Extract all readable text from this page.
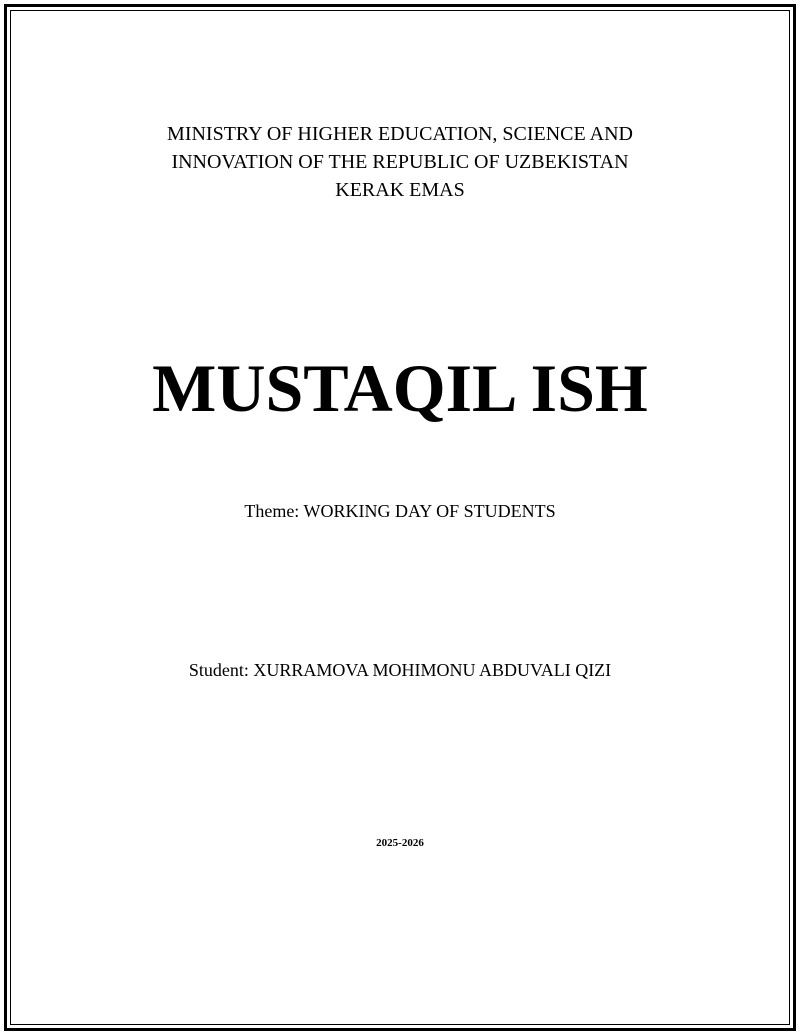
MINISTRY OF HIGHER EDUCATION, SCIENCE AND
INNOVATION OF THE REPUBLIC OF UZBEKISTAN
KERAK EMAS
MUSTAQIL ISH
Theme: WORKING DAY OF STUDENTS
Student: XURRAMOVA MOHIMONU ABDUVALI QIZI
2025-2026
